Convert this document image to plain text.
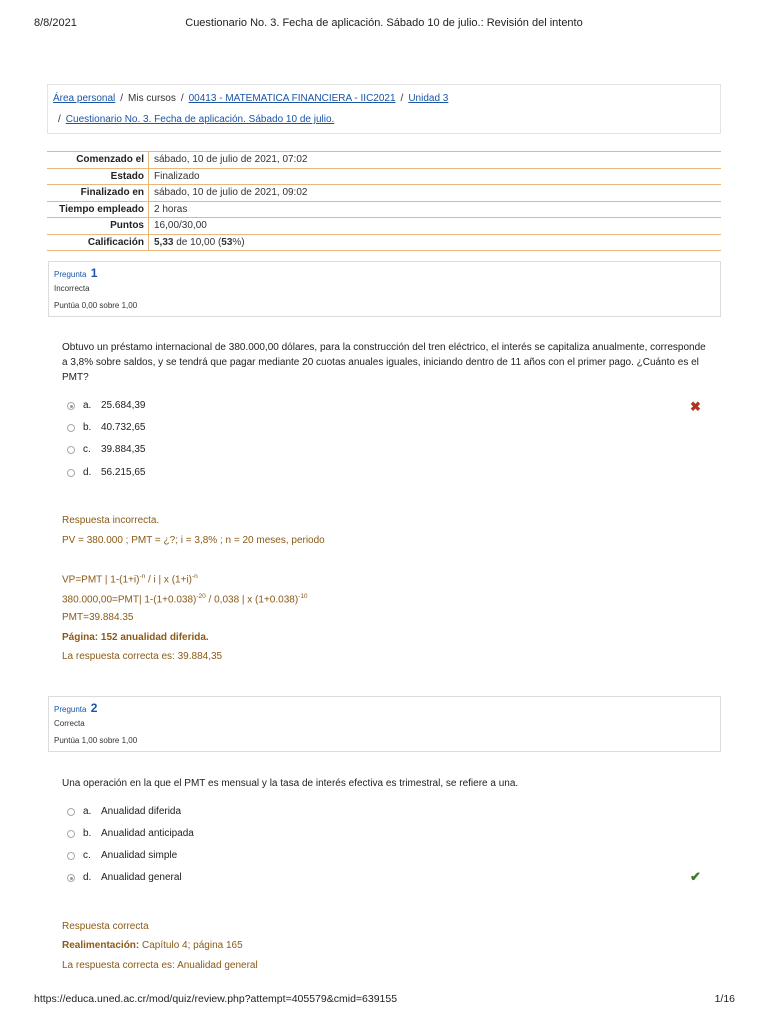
8/8/2021	Cuestionario No. 3. Fecha de aplicación. Sábado 10 de julio.: Revisión del intento
Área personal / Mis cursos / 00413 - MATEMATICA FINANCIERA - IIC2021 / Unidad 3
/ Cuestionario No. 3. Fecha de aplicación. Sábado 10 de julio.
Comenzado el	sábado, 10 de julio de 2021, 07:02
Estado	Finalizado
Finalizado en	sábado, 10 de julio de 2021, 09:02
Tiempo empleado	2 horas
Puntos	16,00/30,00
Calificación	5,33 de 10,00 (53%)
Pregunta 1
Incorrecta
Puntúa 0,00 sobre 1,00
Obtuvo un préstamo internacional de 380.000,00 dólares, para la construcción del tren eléctrico, el interés se capitaliza anualmente, corresponde a 3,8% sobre saldos, y se tendrá que pagar mediante 20 cuotas anuales iguales, iniciando dentro de 11 años con el primer pago. ¿Cuánto es el PMT?
a. 25.684,39
b. 40.732,65
c. 39.884,35
d. 56.215,65
✖
Respuesta incorrecta.
PV = 380.000 ; PMT = ¿?; i = 3,8% ; n = 20 meses, periodo
VP=PMT | $1-(1+i)^{-n} / i$ | x $(1+i)^{-n}$
380.000,00=PMT| $1-(1+0.038)^{-20} / 0,038$ | x $(1+0.038)^{-10}$
PMT=39.884.35
Página: 152 anualidad diferida.
La respuesta correcta es: 39.884,35
Pregunta 2
Correcta
Puntúa 1,00 sobre 1,00
Una operación en la que el PMT es mensual y la tasa de interés efectiva es trimestral, se refiere a una.
a. Anualidad diferida
b. Anualidad anticipada
c. Anualidad simple
d. Anualidad general	✔
Respuesta correcta
Realimentación: Capítulo 4; página 165
La respuesta correcta es: Anualidad general
https://educa.uned.ac.cr/mod/quiz/review.php?attempt=405579&cmid=639155	1/16
